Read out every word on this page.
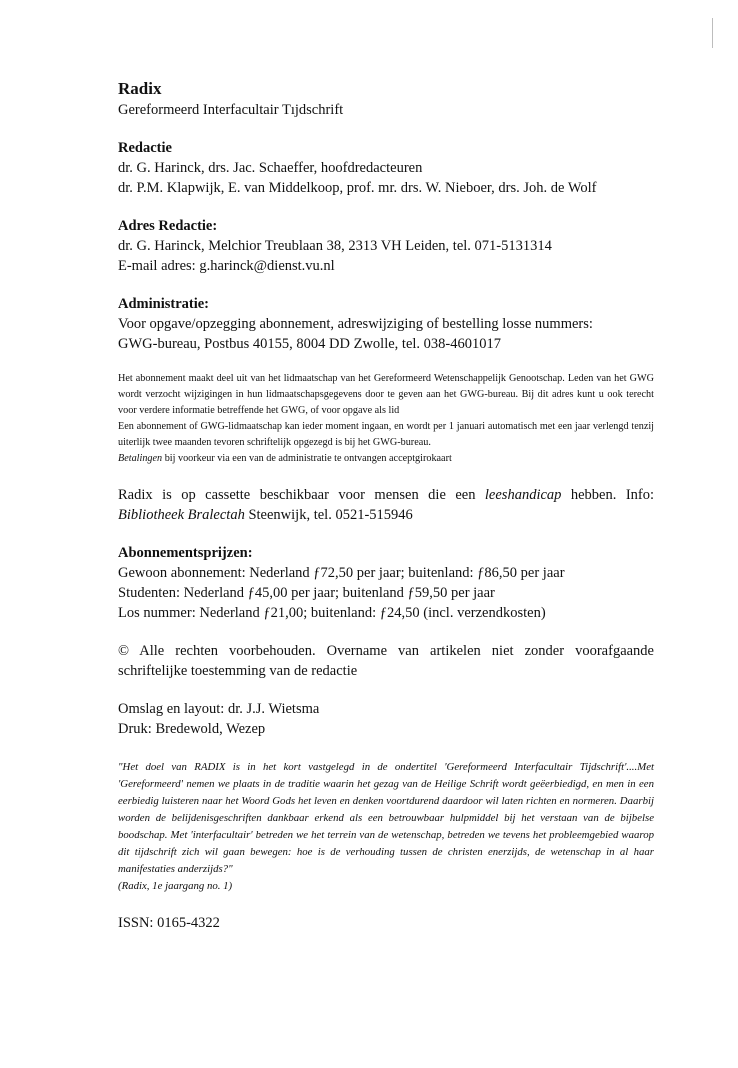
Radix
Gereformeerd Interfacultair Tıjdschrift
Redactie
dr. G. Harinck, drs. Jac. Schaeffer, hoofdredacteuren
dr. P.M. Klapwijk, E. van Middelkoop, prof. mr. drs. W. Nieboer, drs. Joh. de Wolf
Adres Redactie:
dr. G. Harinck, Melchior Treublaan 38, 2313 VH Leiden, tel. 071-5131314
E-mail adres: g.harinck@dienst.vu.nl
Administratie:
Voor opgave/opzegging abonnement, adreswijziging of bestelling losse nummers:
GWG-bureau, Postbus 40155, 8004 DD Zwolle, tel. 038-4601017

Het abonnement maakt deel uit van het lidmaatschap van het Gereformeerd Wetenschappelijk Genootschap. Leden van het GWG wordt verzocht wijzigingen in hun lidmaatschapsgegevens door te geven aan het GWG-bureau. Bij dit adres kunt u ook terecht voor verdere informatie betreffende het GWG, of voor opgave als lid

Een abonnement of GWG-lidmaatschap kan ieder moment ingaan, en wordt per 1 januari automatisch met een jaar verlengd tenzij uiterlijk twee maanden tevoren schriftelijk opgezegd is bij het GWG-bureau.

Betalingen bij voorkeur via een van de administratie te ontvangen acceptgirokaart

Radix is op cassette beschikbaar voor mensen die een leeshandicap hebben. Info: Bibliotheek Bralectah Steenwijk, tel. 0521-515946
Abonnementsprijzen:
Gewoon abonnement: Nederland ƒ72,50 per jaar; buitenland: ƒ86,50 per jaar
Studenten: Nederland ƒ45,00 per jaar; buitenland ƒ59,50 per jaar
Los nummer: Nederland ƒ21,00; buitenland: ƒ24,50 (incl. verzendkosten)
© Alle rechten voorbehouden. Overname van artikelen niet zonder voorafgaande schriftelijke toestemming van de redactie
Omslag en layout: dr. J.J. Wietsma
Druk: Bredewold, Wezep

"Het doel van RADIX is in het kort vastgelegd in de ondertitel 'Gereformeerd Interfacultair Tijdschrift'....Met 'Gereformeerd' nemen we plaats in de traditie waarin het gezag van de Heilige Schrift wordt geëerbiedigd, en men in een eerbiedig luisteren naar het Woord Gods het leven en denken voortdurend daardoor wil laten richten en normeren. Daarbij worden de belijdenisgeschriften dankbaar erkend als een betrouwbaar hulpmiddel bij het verstaan van de bijbelse boodschap. Met 'interfacultair' betreden we het terrein van de wetenschap, betreden we tevens het probleemgebied waarop dit tijdschrift zich wil gaan bewegen: hoe is de verhouding tussen de christen enerzijds, de wetenschap in al haar manifestaties anderzijds?"

(Radix, 1e jaargang no. 1)

ISSN: 0165-4322
